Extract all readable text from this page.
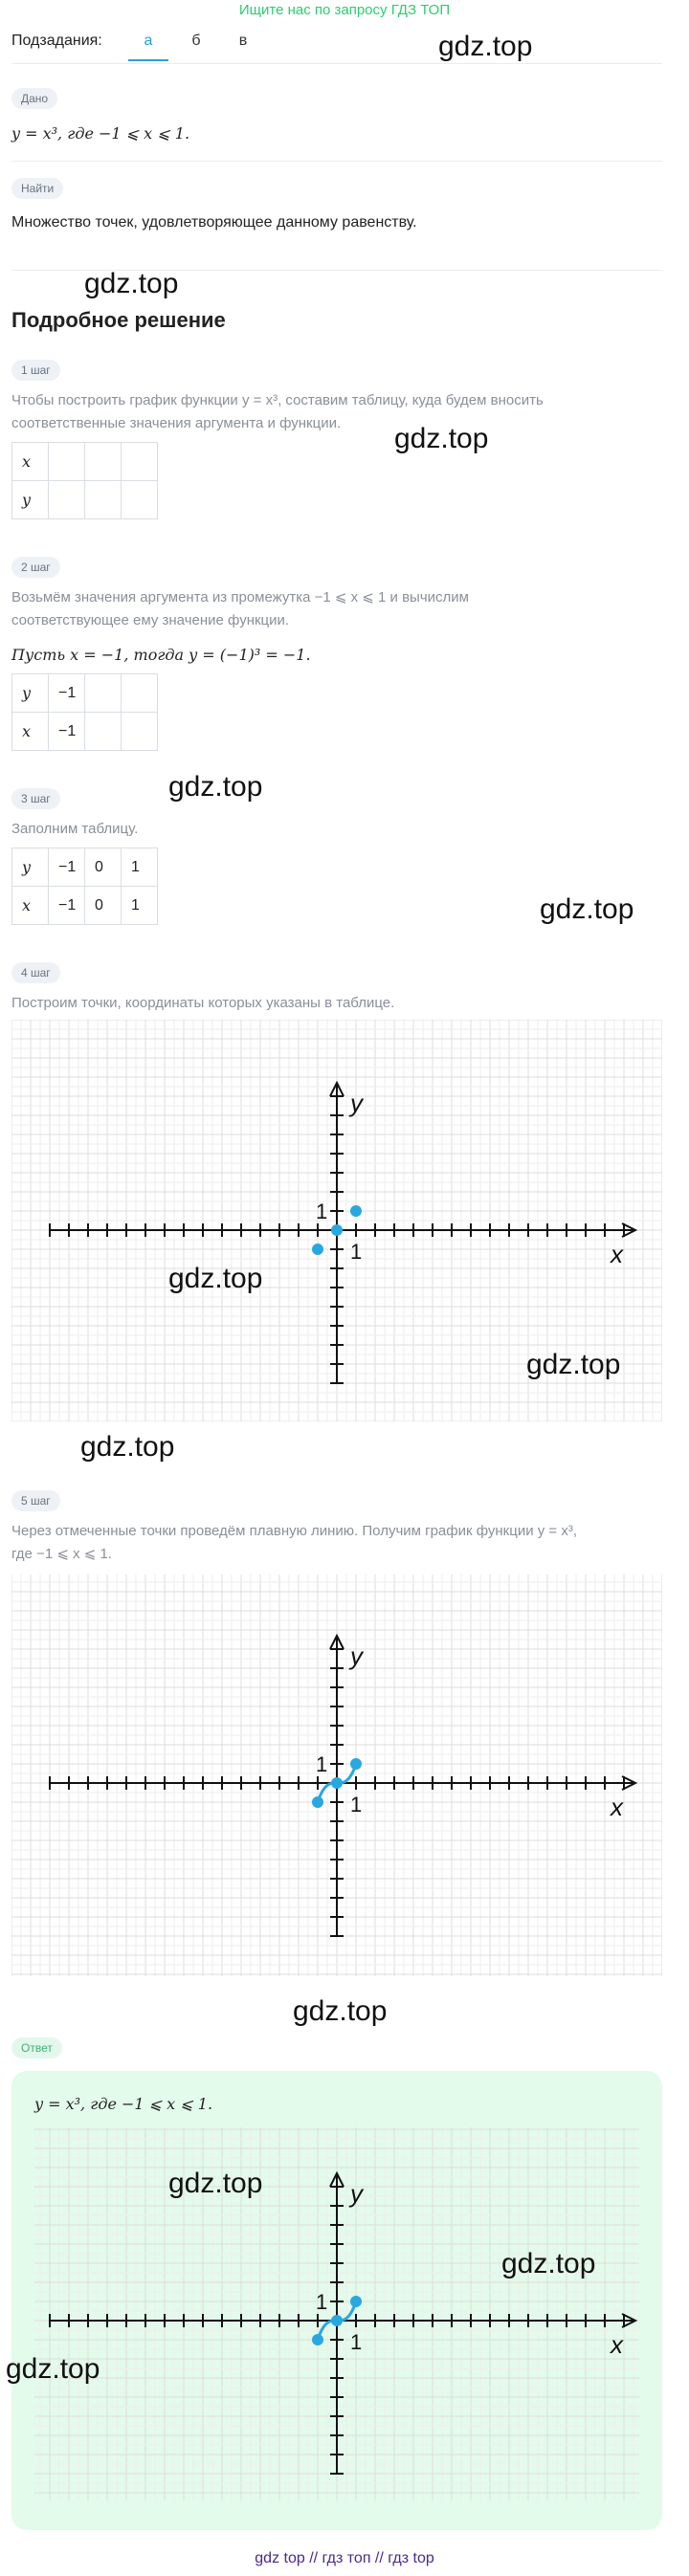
Ищите нас по запросу ГДЗ ТОП
Подзадания:	а	б	в	gdz.top
Дано
y = x³, где −1 ⩽ x ⩽ 1.
Найти
Множество точек, удовлетворяющее данному равенству.
gdz.top
Подробное решение
1 шаг
Чтобы построить график функции y = x³, составим таблицу, куда будем вносить
соответственные значения аргумента и функции. gdz.top
x			
y			
2 шаг
Возьмём значения аргумента из промежутка −1 ⩽ x ⩽ 1 и вычислим
соответствующее ему значение функции.
Пусть x = −1, тогда y = (−1)³ = −1.
y	−1		
x	−1		
gdz.top
3 шаг
Заполним таблицу.
y	−1	0	1
x	−1	0	1	gdz.top
4 шаг
Построим точки, координаты которых указаны в таблице.
x
y
1
1
gdz.top
gdz.top
gdz.top
5 шаг
Через отмеченные точки проведём плавную линию. Получим график функции y = x³,
где −1 ⩽ x ⩽ 1.
x
y
1
1
gdz.top
Ответ
y = x³, где −1 ⩽ x ⩽ 1.
x
y
1
1
gdz.top
gdz.top
gdz.top
gdz top // гдз топ // гдз top
